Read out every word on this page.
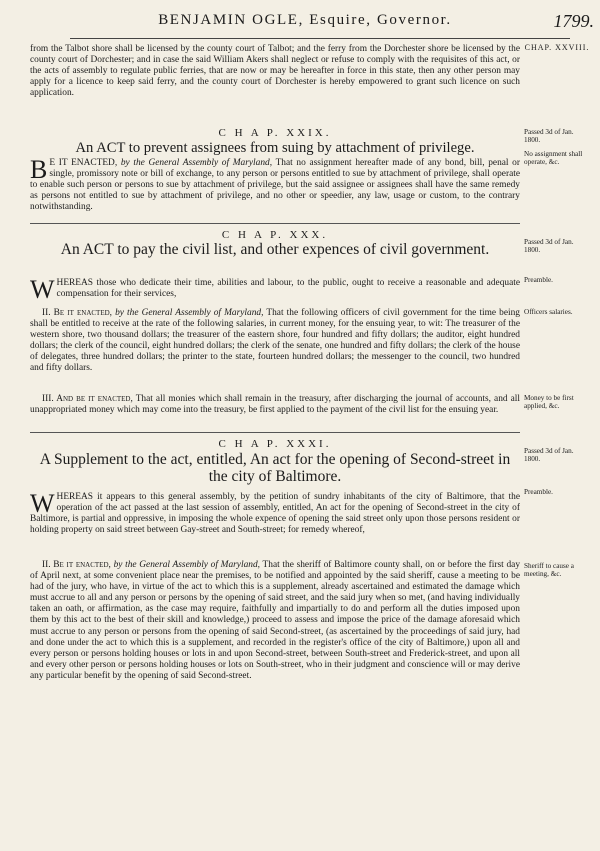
BENJAMIN OGLE, Esquire, Governor.	1799.

from the Talbot shore shall be licensed by the county court of Talbot; and the ferry from the Dorchester shore be licensed by the county court of Dorchester; and in case the said William Akers shall neglect or refuse to comply with the requisites of this act, or the acts of assembly to regulate public ferries, that are now or may be hereafter in force in this state, then any other person may apply for a licence to keep said ferry, and the county court of Dorchester is hereby empowered to grant such licence on such application.

CHAP. XXVIII.

C H A P. XXIX.

An ACT to prevent assignees from suing by attachment of privilege.

Passed 3d of Jan. 1800.

No assignment shall operate, &c.

B E IT ENACTED, by the General Assembly of Maryland, That no assignment hereafter made of any bond, bill, penal or single, promissory note or bill of exchange, to any person or persons entitled to sue by attachment of privilege, shall operate to enable such person or persons to sue by attachment of privilege, but the said assignee or assignees shall have the same remedy as persons not entitled to sue by attachment of privilege, and no other or speedier, any law, usage or custom, to the contrary notwithstanding.

C H A P. XXX.

An ACT to pay the civil list, and other expences of civil government.	Passed 3d of Jan. 1800.

WHEREAS those who dedicate their time, abilities and labour, to the public, ought to receive a reasonable and adequate compensation for their services,

Preamble.

II. Be it enacted, by the General Assembly of Maryland, That the following officers of civil government for the time being shall be entitled to receive at the rate of the following salaries, in current money, for the ensuing year, to wit: The treasurer of the western shore, two thousand dollars; the treasurer of the eastern shore, four hundred and fifty dollars; the auditor, eight hundred dollars; the clerk of the council, eight hundred dollars; the clerk of the senate, one hundred and fifty dollars; the clerk of the house of delegates, three hundred dollars; the printer to the state, fourteen hundred dollars; the messenger to the council, two hundred and fifty dollars.

Officers salaries.

III. And be it enacted, That all monies which shall remain in the treasury, after discharging the journal of accounts, and all unappropriated money which may come into the treasury, be first applied to the payment of the civil list for the ensuing year.

Money to be first applied, &c.

C H A P. XXXI.

A Supplement to the act, entitled, An act for the opening of Second-street in the city of Baltimore.

Passed 3d of Jan. 1800.

WHEREAS it appears to this general assembly, by the petition of sundry inhabitants of the city of Baltimore, that the operation of the act passed at the last session of assembly, entitled, An act for the opening of Second-street in the city of Baltimore, is partial and oppressive, in imposing the whole expence of opening the said street only upon those persons resident or holding property on said street between Gay-street and South-street; for remedy whereof,

Preamble.

II. Be it enacted, by the General Assembly of Maryland, That the sheriff of Baltimore county shall, on or before the first day of April next, at some convenient place near the premises, to be notified and appointed by the said sheriff, cause a meeting to be had of the jury, who have, in virtue of the act to which this is a supplement, already ascertained and estimated the damage which must accrue to all and any person or persons by the opening of said street, and the said jury when so met, (and having individually taken an oath, or affirmation, as the case may require, faithfully and impartially to do and perform all the duties imposed upon them by this act to the best of their skill and knowledge,) proceed to assess and impose the price of the damage aforesaid which must accrue to any person or persons from the opening of said Second-street, (as ascertained by the proceedings of said jury, had and done under the act to which this is a supplement, and recorded in the register's office of the city of Baltimore,) upon all and every person or persons holding houses or lots in and upon Second-street, between South-street and Frederick-street, and upon all and every other person or persons holding houses or lots on South-street, who in their judgment and conscience will or may derive any particular benefit by the opening of said Second-street.

Sheriff to cause a meeting, &c.
